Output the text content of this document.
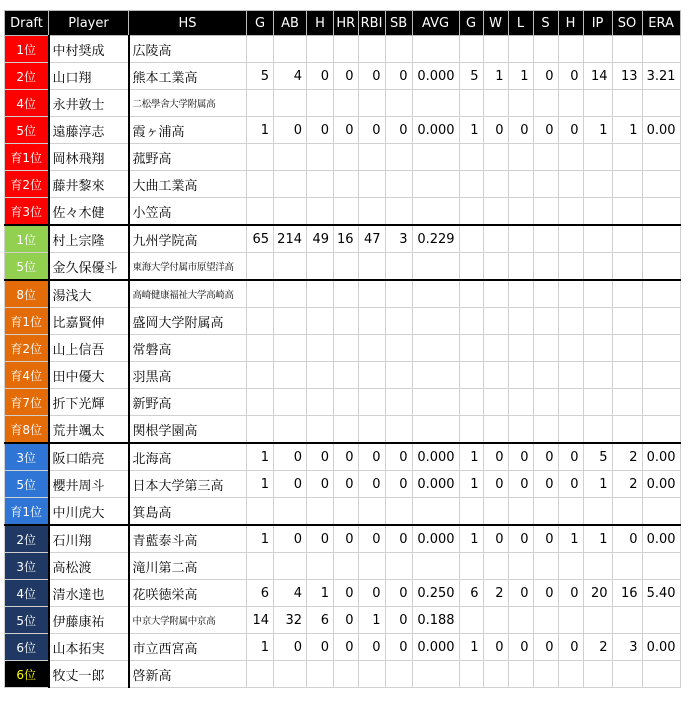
Draft	Player	HS	G	AB	H	HR	RBI	SB	AVG	G	W	L	S	H	IP	SO	ERA
1位	中村奨成	広陵高															
2位	山口翔	熊本工業高	5	4	0	0	0	0	0.000	5	1	1	0	0	14	13	3.21
4位	永井敦士	二松學舍大学附属高															
5位	遠藤淳志	霞ヶ浦高	1	0	0	0	0	0	0.000	1	0	0	0	0	1	1	0.00
育1位	岡林飛翔	菰野高															
育2位	藤井黎來	大曲工業高															
育3位	佐々木健	小笠高															
1位	村上宗隆	九州学院高	65	214	49	16	47	3	0.229								
5位	金久保優斗	東海大学付属市原望洋高															
8位	湯浅大	高崎健康福祉大学高崎高															
育1位	比嘉賢伸	盛岡大学附属高															
育2位	山上信吾	常磐高															
育4位	田中優大	羽黒高															
育7位	折下光輝	新野高															
育8位	荒井颯太	関根学園高															
3位	阪口皓亮	北海高	1	0	0	0	0	0	0.000	1	0	0	0	0	5	2	0.00
5位	櫻井周斗	日本大学第三高	1	0	0	0	0	0	0.000	1	0	0	0	0	1	2	0.00
育1位	中川虎大	箕島高															
2位	石川翔	青藍泰斗高	1	0	0	0	0	0	0.000	1	0	0	0	1	1	0	0.00
3位	高松渡	滝川第二高															
4位	清水達也	花咲徳栄高	6	4	1	0	0	0	0.250	6	2	0	0	0	20	16	5.40
5位	伊藤康祐	中京大学附属中京高	14	32	6	0	1	0	0.188								
6位	山本拓実	市立西宮高	1	0	0	0	0	0	0.000	1	0	0	0	0	2	3	0.00
6位	牧丈一郎	啓新高															
